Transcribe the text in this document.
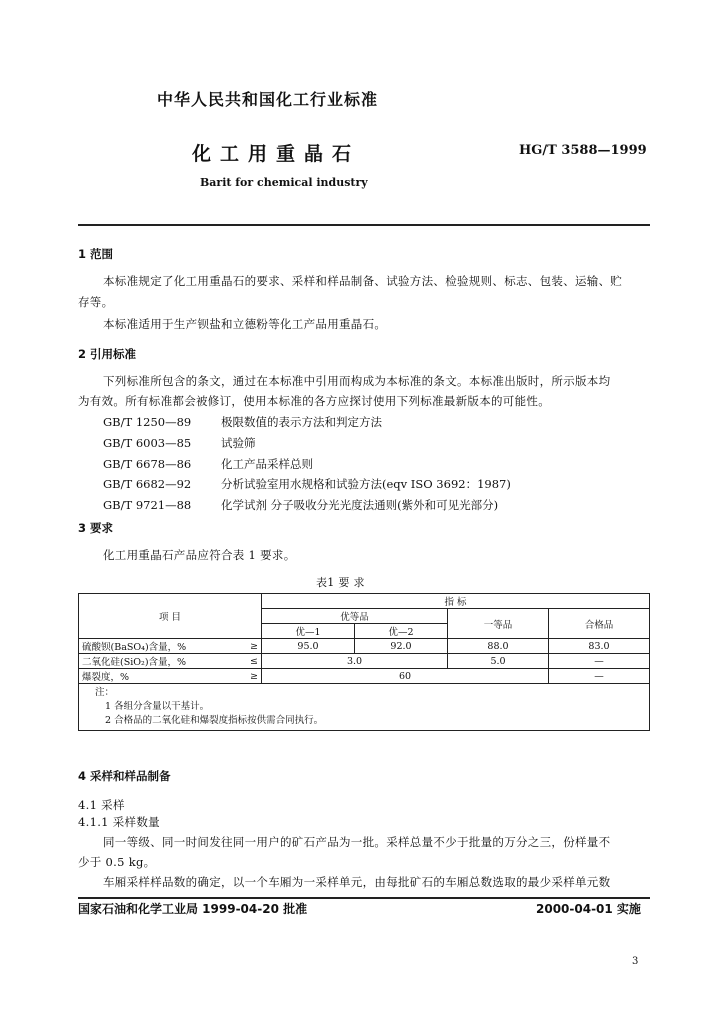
中华人民共和国化工行业标准
化工用重晶石	HG/T 3588—1999
Barit for chemical industry
1 范围
本标准规定了化工用重晶石的要求、采样和样品制备、试验方法、检验规则、标志、包装、运输、贮
存等。
本标准适用于生产钡盐和立德粉等化工产品用重晶石。
2 引用标准
下列标准所包含的条文，通过在本标准中引用而构成为本标准的条文。本标准出版时，所示版本均
为有效。所有标准都会被修订，使用本标准的各方应探讨使用下列标准最新版本的可能性。
GB/T 1250—89	极限数值的表示方法和判定方法
GB/T 6003—85	试验筛
GB/T 6678—86	化工产品采样总则
GB/T 6682—92	分析试验室用水规格和试验方法(eqv ISO 3692：1987)
GB/T 9721—88	化学试剂 分子吸收分光光度法通则(紫外和可见光部分)
3 要求
化工用重晶石产品应符合表 1 要求。
表1 要 求
项 目		指 标			
		优等品		一等品	合格品
		优—1	优—2		
硫酸钡(BaSO₄)含量，%	≥	95.0	92.0	88.0	83.0
二氧化硅(SiO₂)含量，%	≤	3.0		5.0	—
爆裂度，%	≥	60			—

注：
1 各组分含量以干基计。
2 合格品的二氧化硅和爆裂度指标按供需合同执行。					
4 采样和样品制备
4.1 采样
4.1.1 采样数量
同一等级、同一时间发往同一用户的矿石产品为一批。采样总量不少于批量的万分之三，份样量不
少于 0.5 kg。
车厢采样样品数的确定，以一个车厢为一采样单元，由每批矿石的车厢总数选取的最少采样单元数
国家石油和化学工业局 1999-04-20 批准	2000-04-01 实施
3
